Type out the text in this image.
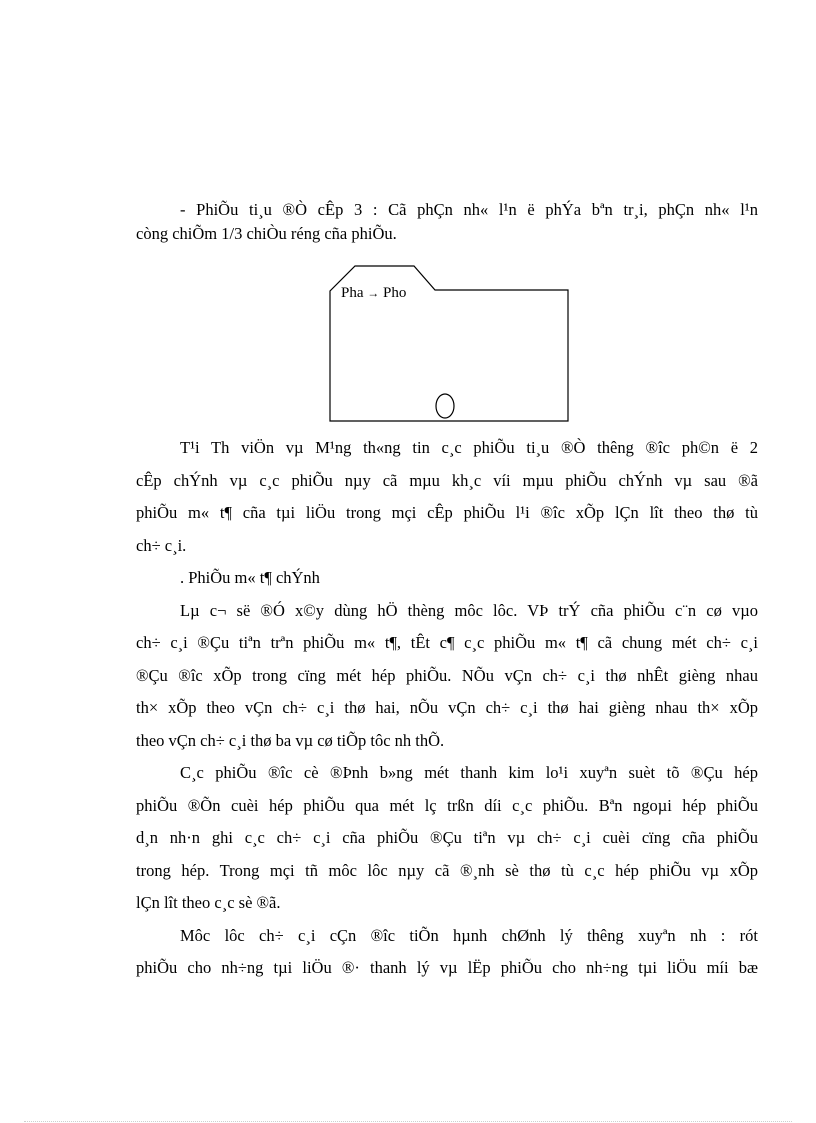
- PhiÕu ti¸u ®Ò cÊp 3 : Cã phÇn nh« l¹n ë phÝa bªn tr¸i, phÇn nh« l¹n
còng chiÕm 1/3 chiÒu réng cña phiÕu.
Pha → Pho
T¹i Th viÖn vµ M¹ng th«ng tin c¸c phiÕu ti¸u ®Ò thêng ®îc ph©n ë 2
cÊp chÝnh vµ c¸c phiÕu nµy cã mµu kh¸c víi mµu phiÕu chÝnh vµ sau ®ã
phiÕu m« t¶ cña tµi liÖu trong mçi cÊp phiÕu l¹i ®îc xÕp lÇn lît theo thø tù
ch÷ c¸i.
. PhiÕu m« t¶ chÝnh
Lµ c¬ së ®Ó x©y dùng hÖ thèng môc lôc. VÞ trÝ cña phiÕu c¨n cø vµo
ch÷ c¸i ®Çu tiªn trªn phiÕu m« t¶, tÊt c¶ c¸c phiÕu m« t¶ cã chung mét ch÷ c¸i
®Çu ®îc xÕp trong cïng mét hép phiÕu. NÕu vÇn ch÷ c¸i thø nhÊt gièng nhau
th× xÕp theo vÇn ch÷ c¸i thø hai, nÕu vÇn ch÷ c¸i thø hai gièng nhau th× xÕp
theo vÇn ch÷ c¸i thø ba vµ cø tiÕp tôc nh thÕ.
C¸c phiÕu ®îc cè ®Þnh b»ng mét thanh kim lo¹i xuyªn suèt tõ ®Çu hép
phiÕu ®Õn cuèi hép phiÕu qua mét lç trßn díi c¸c phiÕu. Bªn ngoµi hép phiÕu
d¸n nh·n ghi c¸c ch÷ c¸i cña phiÕu ®Çu tiªn vµ ch÷ c¸i cuèi cïng cña phiÕu
trong hép. Trong mçi tñ môc lôc nµy cã ®¸nh sè thø tù c¸c hép phiÕu vµ xÕp
lÇn lît theo c¸c sè ®ã.
Môc lôc ch÷ c¸i cÇn ®îc tiÕn hµnh chØnh lý thêng xuyªn nh : rót
phiÕu cho nh÷ng tµi liÖu ®· thanh lý vµ lËp phiÕu cho nh÷ng tµi liÖu míi bæ
